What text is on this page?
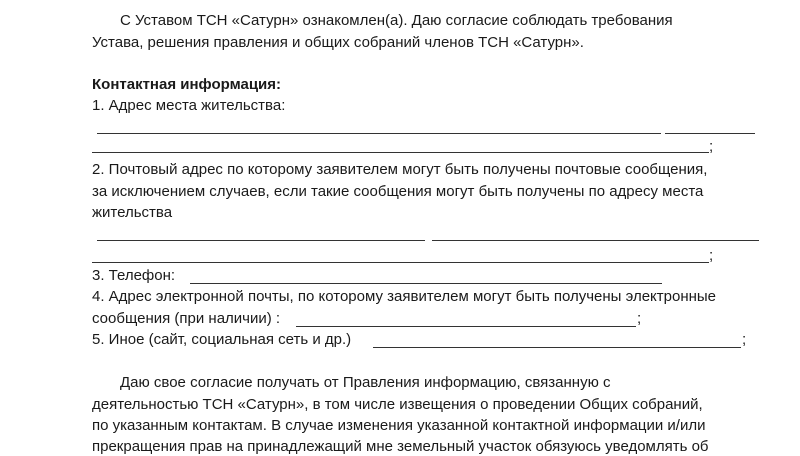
С Уставом ТСН «Сатурн» ознакомлен(а). Даю согласие соблюдать требования
Устава, решения правления и общих собраний членов ТСН «Сатурн».
Контактная информация:
1. Адрес места жительства:
;
2. Почтовый адрес по которому заявителем могут быть получены почтовые сообщения,
за исключением случаев, если такие сообщения могут быть получены по адресу места
жительства
;
3. Телефон:
4. Адрес электронной почты, по которому заявителем могут быть получены электронные
сообщения (при наличии) :	;
5. Иное (сайт, социальная сеть и др.)	;
Даю свое согласие получать от Правления информацию, связанную с
деятельностью ТСН «Сатурн», в том числе извещения о проведении Общих собраний,
по указанным контактам. В случае изменения указанной контактной информации и/или
прекращения прав на принадлежащий мне земельный участок обязуюсь уведомлять об
